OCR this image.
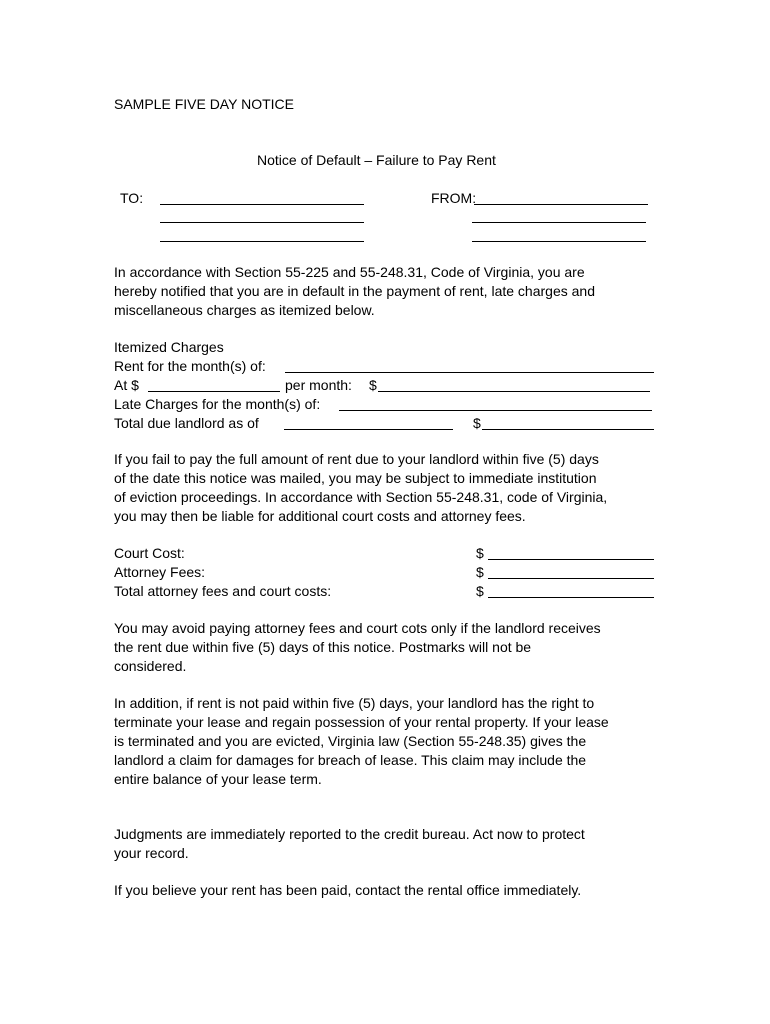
SAMPLE FIVE DAY NOTICE
Notice of Default – Failure to Pay Rent
TO:	FROM:
In accordance with Section 55-225 and 55-248.31, Code of Virginia, you are
hereby notified that you are in default in the payment of rent, late charges and
miscellaneous charges as itemized below.
Itemized Charges
Rent for the month(s) of:
At $	per month: $
Late Charges for the month(s) of:
Total due landlord as of	$
If you fail to pay the full amount of rent due to your landlord within five (5) days
of the date this notice was mailed, you may be subject to immediate institution
of eviction proceedings. In accordance with Section 55-248.31, code of Virginia,
you may then be liable for additional court costs and attorney fees.
Court Cost:	$
Attorney Fees:	$
Total attorney fees and court costs:	$
You may avoid paying attorney fees and court cots only if the landlord receives
the rent due within five (5) days of this notice. Postmarks will not be
considered.
In addition, if rent is not paid within five (5) days, your landlord has the right to
terminate your lease and regain possession of your rental property. If your lease
is terminated and you are evicted, Virginia law (Section 55-248.35) gives the
landlord a claim for damages for breach of lease. This claim may include the
entire balance of your lease term.
Judgments are immediately reported to the credit bureau. Act now to protect
your record.
If you believe your rent has been paid, contact the rental office immediately.
